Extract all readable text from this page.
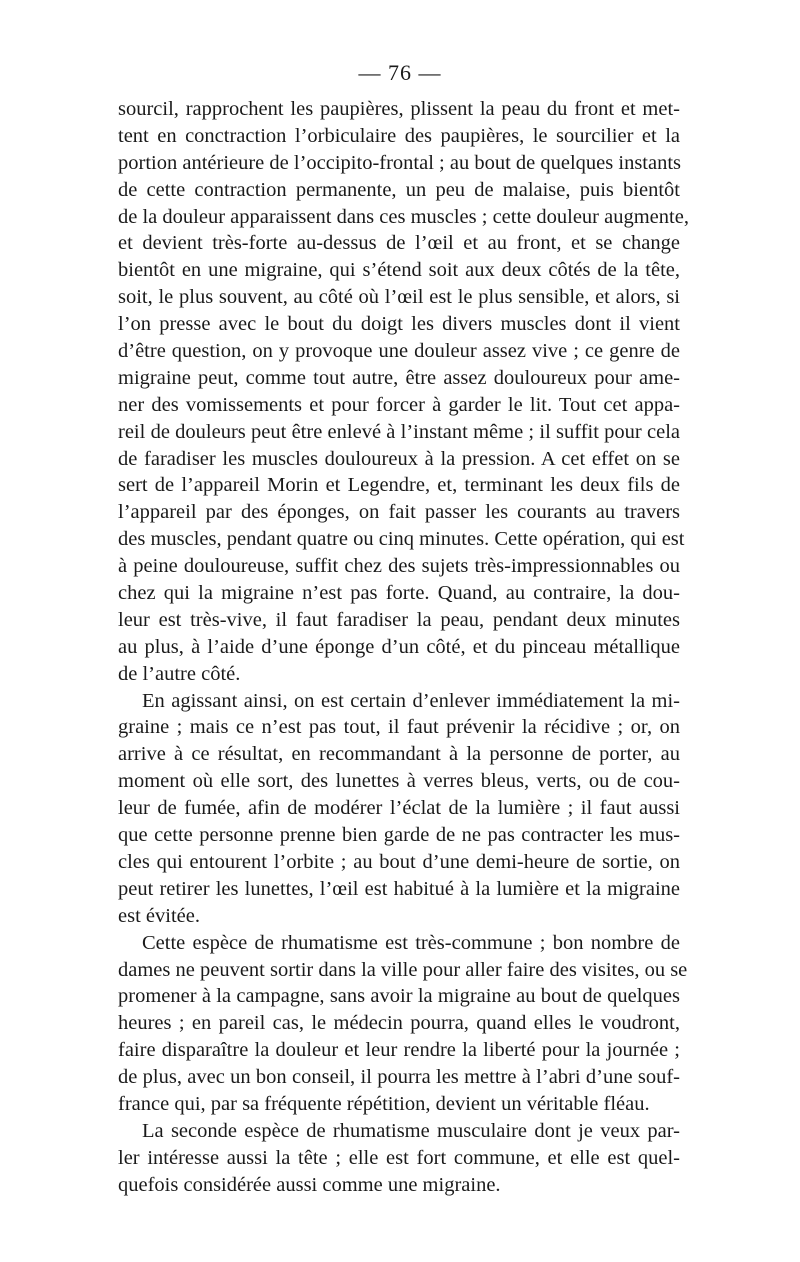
— 76 —
sourcil, rapprochent les paupières, plissent la peau du front et met-
tent en conctraction l’orbiculaire des paupières, le sourcilier et la
portion antérieure de l’occipito-frontal ; au bout de quelques instants
de cette contraction permanente, un peu de malaise, puis bientôt
de la douleur apparaissent dans ces muscles ; cette douleur augmente,
et devient très-forte au-dessus de l’œil et au front, et se change
bientôt en une migraine, qui s’étend soit aux deux côtés de la tête,
soit, le plus souvent, au côté où l’œil est le plus sensible, et alors, si
l’on presse avec le bout du doigt les divers muscles dont il vient
d’être question, on y provoque une douleur assez vive ; ce genre de
migraine peut, comme tout autre, être assez douloureux pour ame-
ner des vomissements et pour forcer à garder le lit. Tout cet appa-
reil de douleurs peut être enlevé à l’instant même ; il suffit pour cela
de faradiser les muscles douloureux à la pression. A cet effet on se
sert de l’appareil Morin et Legendre, et, terminant les deux fils de
l’appareil par des éponges, on fait passer les courants au travers
des muscles, pendant quatre ou cinq minutes. Cette opération, qui est
à peine douloureuse, suffit chez des sujets très-impressionnables ou
chez qui la migraine n’est pas forte. Quand, au contraire, la dou-
leur est très-vive, il faut faradiser la peau, pendant deux minutes
au plus, à l’aide d’une éponge d’un côté, et du pinceau métallique
de l’autre côté.
En agissant ainsi, on est certain d’enlever immédiatement la mi-
graine ; mais ce n’est pas tout, il faut prévenir la récidive ; or, on
arrive à ce résultat, en recommandant à la personne de porter, au
moment où elle sort, des lunettes à verres bleus, verts, ou de cou-
leur de fumée, afin de modérer l’éclat de la lumière ; il faut aussi
que cette personne prenne bien garde de ne pas contracter les mus-
cles qui entourent l’orbite ; au bout d’une demi-heure de sortie, on
peut retirer les lunettes, l’œil est habitué à la lumière et la migraine
est évitée.
Cette espèce de rhumatisme est très-commune ; bon nombre de
dames ne peuvent sortir dans la ville pour aller faire des visites, ou se
promener à la campagne, sans avoir la migraine au bout de quelques
heures ; en pareil cas, le médecin pourra, quand elles le voudront,
faire disparaître la douleur et leur rendre la liberté pour la journée ;
de plus, avec un bon conseil, il pourra les mettre à l’abri d’une souf-
france qui, par sa fréquente répétition, devient un véritable fléau.
La seconde espèce de rhumatisme musculaire dont je veux par-
ler intéresse aussi la tête ; elle est fort commune, et elle est quel-
quefois considérée aussi comme une migraine.
